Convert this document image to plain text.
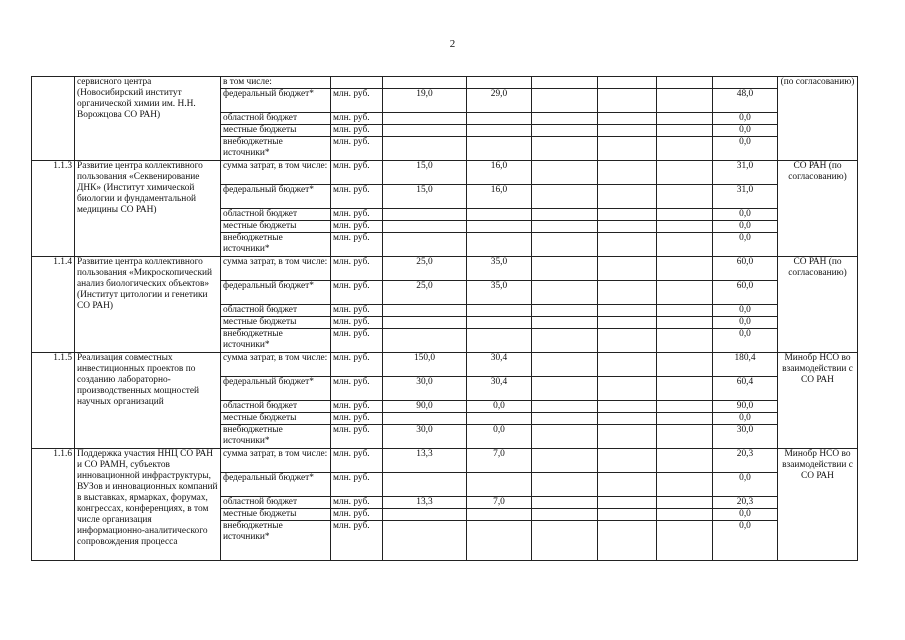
2
	сервисного центра (Новосибирский институт органической химии им. Н.Н. Ворожцова СО РАН)	в том числе:								(по согласованию)
		федеральный бюджет*	млн. руб.	19,0	29,0				48,0	
		областной бюджет	млн. руб.						0,0	
		местные бюджеты	млн. руб.						0,0	
		внебюджетные источники*	млн. руб.						0,0	
1.1.3	Развитие центра коллективного пользования «Секвенирование ДНК» (Институт химической биологии и фундаментальной медицины СО РАН)	сумма затрат, в том числе:	млн. руб.	15,0	16,0				31,0	СО РАН (по согласованию)
		федеральный бюджет*	млн. руб.	15,0	16,0				31,0	
		областной бюджет	млн. руб.						0,0	
		местные бюджеты	млн. руб.						0,0	
		внебюджетные источники*	млн. руб.						0,0	
1.1.4	Развитие центра коллективного пользования «Микроскопический анализ биологических объектов» (Институт цитологии и генетики СО РАН)	сумма затрат, в том числе:	млн. руб.	25,0	35,0				60,0	СО РАН (по согласованию)
		федеральный бюджет*	млн. руб.	25,0	35,0				60,0	
		областной бюджет	млн. руб.						0,0	
		местные бюджеты	млн. руб.						0,0	
		внебюджетные источники*	млн. руб.						0,0	
1.1.5	Реализация совместных инвестиционных проектов по созданию лабораторно-производственных мощностей научных организаций	сумма затрат, в том числе:	млн. руб.	150,0	30,4				180,4	Минобр НСО во взаимодействии с СО РАН
		федеральный бюджет*	млн. руб.	30,0	30,4				60,4	
		областной бюджет	млн. руб.	90,0	0,0				90,0	
		местные бюджеты	млн. руб.						0,0	
		внебюджетные источники*	млн. руб.	30,0	0,0				30,0	
1.1.6	Поддержка участия ННЦ СО РАН и СО РАМН, субъектов инновационной инфраструктуры, ВУЗов и инновационных компаний в выставках, ярмарках, форумах, конгрессах, конференциях, в том числе организация информационно-аналитического сопровождения процесса	сумма затрат, в том числе:	млн. руб.	13,3	7,0				20,3	Минобр НСО во взаимодействии с СО РАН
		федеральный бюджет*	млн. руб.						0,0	
		областной бюджет	млн. руб.	13,3	7,0				20,3	
		местные бюджеты	млн. руб.						0,0	
		внебюджетные источники*	млн. руб.						0,0	
